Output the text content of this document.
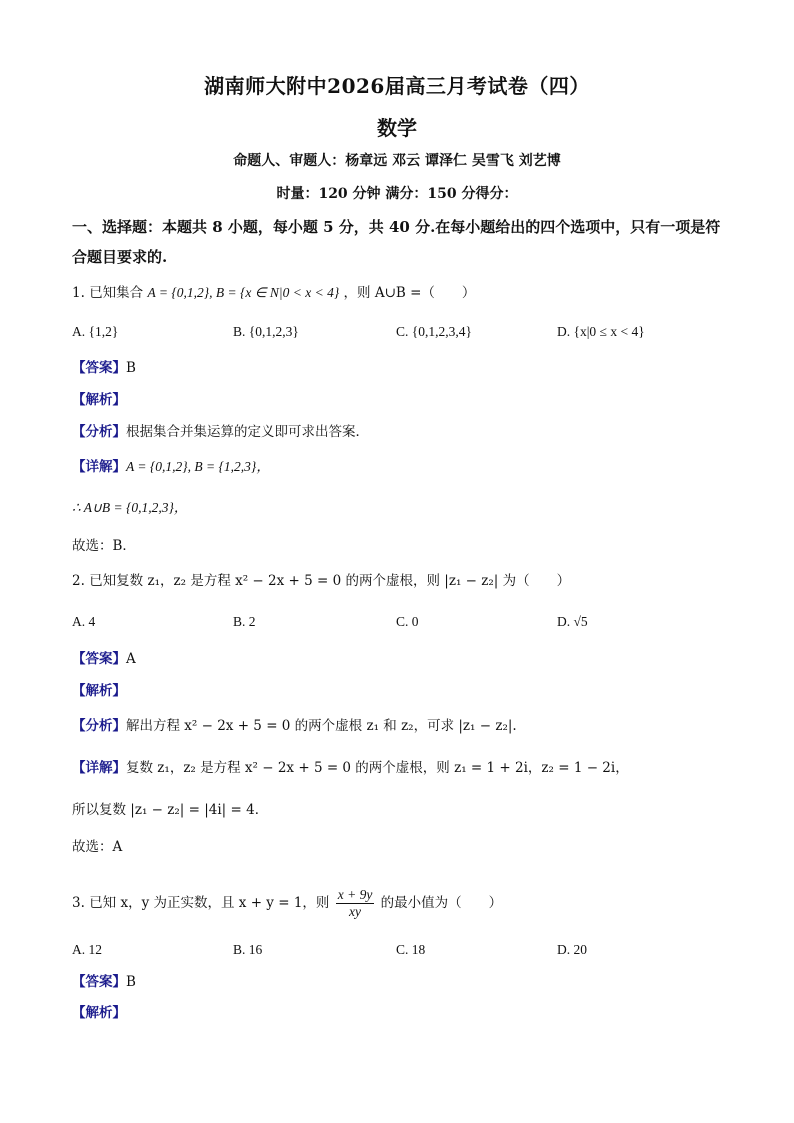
湖南师大附中2026届高三月考试卷（四）
数学
命题人、审题人：杨章远 邓云 谭泽仁 吴雪飞 刘艺博
时量：120 分钟 满分：150 分得分：
一、选择题：本题共 8 小题，每小题 5 分，共 40 分.在每小题给出的四个选项中，只有一项是符合题目要求的.
1. 已知集合 A = {0,1,2}, B = {x ∈ N|0 < x < 4} ，则 A∪B =（　　）
A. {1,2}	B. {0,1,2,3}	C. {0,1,2,3,4}	D. {x|0 ≤ x < 4}
【答案】B
【解析】
【分析】根据集合并集运算的定义即可求出答案．
【详解】A = {0,1,2}, B = {1,2,3}，
∴ A∪B = {0,1,2,3}，
故选：B．
2. 已知复数 z₁，z₂ 是方程 x² − 2x + 5 = 0 的两个虚根，则 |z₁ − z₂| 为（　　）
A. 4	B. 2	C. 0	D. √5
【答案】A
【解析】
【分析】解出方程 x² − 2x + 5 = 0 的两个虚根 z₁ 和 z₂，可求 |z₁ − z₂|.
【详解】复数 z₁，z₂ 是方程 x² − 2x + 5 = 0 的两个虚根，则 z₁ = 1 + 2i，z₂ = 1 − 2i，
所以复数 |z₁ − z₂| = |4i| = 4．
故选：A
3. 已知 x，y 为正实数，且 x + y = 1，则 $\frac{x + 9y}{xy}$ 的最小值为（　　）
A. 12	B. 16	C. 18	D. 20
【答案】B
【解析】
